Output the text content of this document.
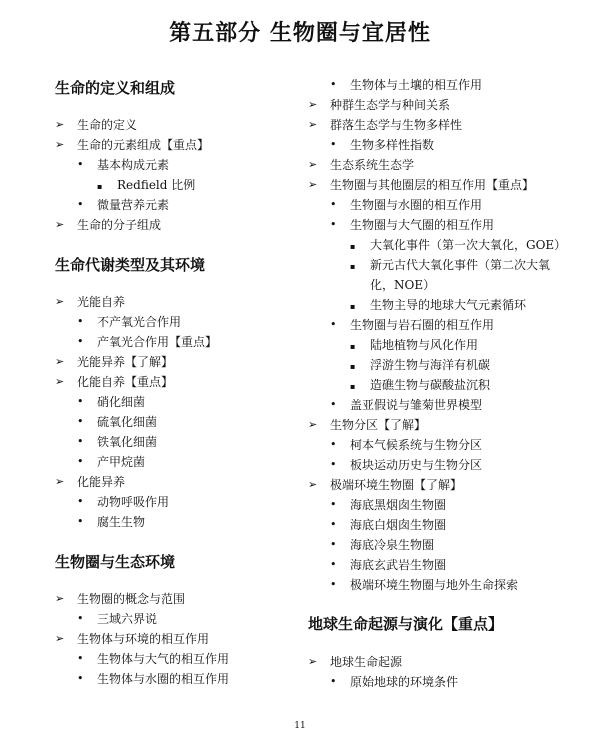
第五部分 生物圈与宜居性
生命的定义和组成
➢ 生命的定义
➢ 生命的元素组成【重点】
• 基本构成元素
▪ Redfield 比例
• 微量营养元素
➢ 生命的分子组成
生命代谢类型及其环境
➢ 光能自养
• 不产氧光合作用
• 产氧光合作用【重点】
➢ 光能异养【了解】
➢ 化能自养【重点】
• 硝化细菌
• 硫氧化细菌
• 铁氧化细菌
• 产甲烷菌
➢ 化能异养
• 动物呼吸作用
• 腐生生物
生物圈与生态环境
➢ 生物圈的概念与范围
• 三域六界说
➢ 生物体与环境的相互作用
• 生物体与大气的相互作用
• 生物体与水圈的相互作用
• 生物体与土壤的相互作用
➢ 种群生态学与种间关系
➢ 群落生态学与生物多样性
• 生物多样性指数
➢ 生态系统生态学
➢ 生物圈与其他圈层的相互作用【重点】
• 生物圈与水圈的相互作用
• 生物圈与大气圈的相互作用
▪ 大氧化事件（第一次大氧化，GOE）
▪ 新元古代大氧化事件（第二次大氧化，NOE）
▪ 生物主导的地球大气元素循环
• 生物圈与岩石圈的相互作用
▪ 陆地植物与风化作用
▪ 浮游生物与海洋有机碳
▪ 造礁生物与碳酸盐沉积
• 盖亚假说与雏菊世界模型
➢ 生物分区【了解】
• 柯本气候系统与生物分区
• 板块运动历史与生物分区
➢ 极端环境生物圈【了解】
• 海底黑烟囱生物圈
• 海底白烟囱生物圈
• 海底冷泉生物圈
• 海底玄武岩生物圈
• 极端环境生物圈与地外生命探索
地球生命起源与演化【重点】
➢ 地球生命起源
• 原始地球的环境条件
11
